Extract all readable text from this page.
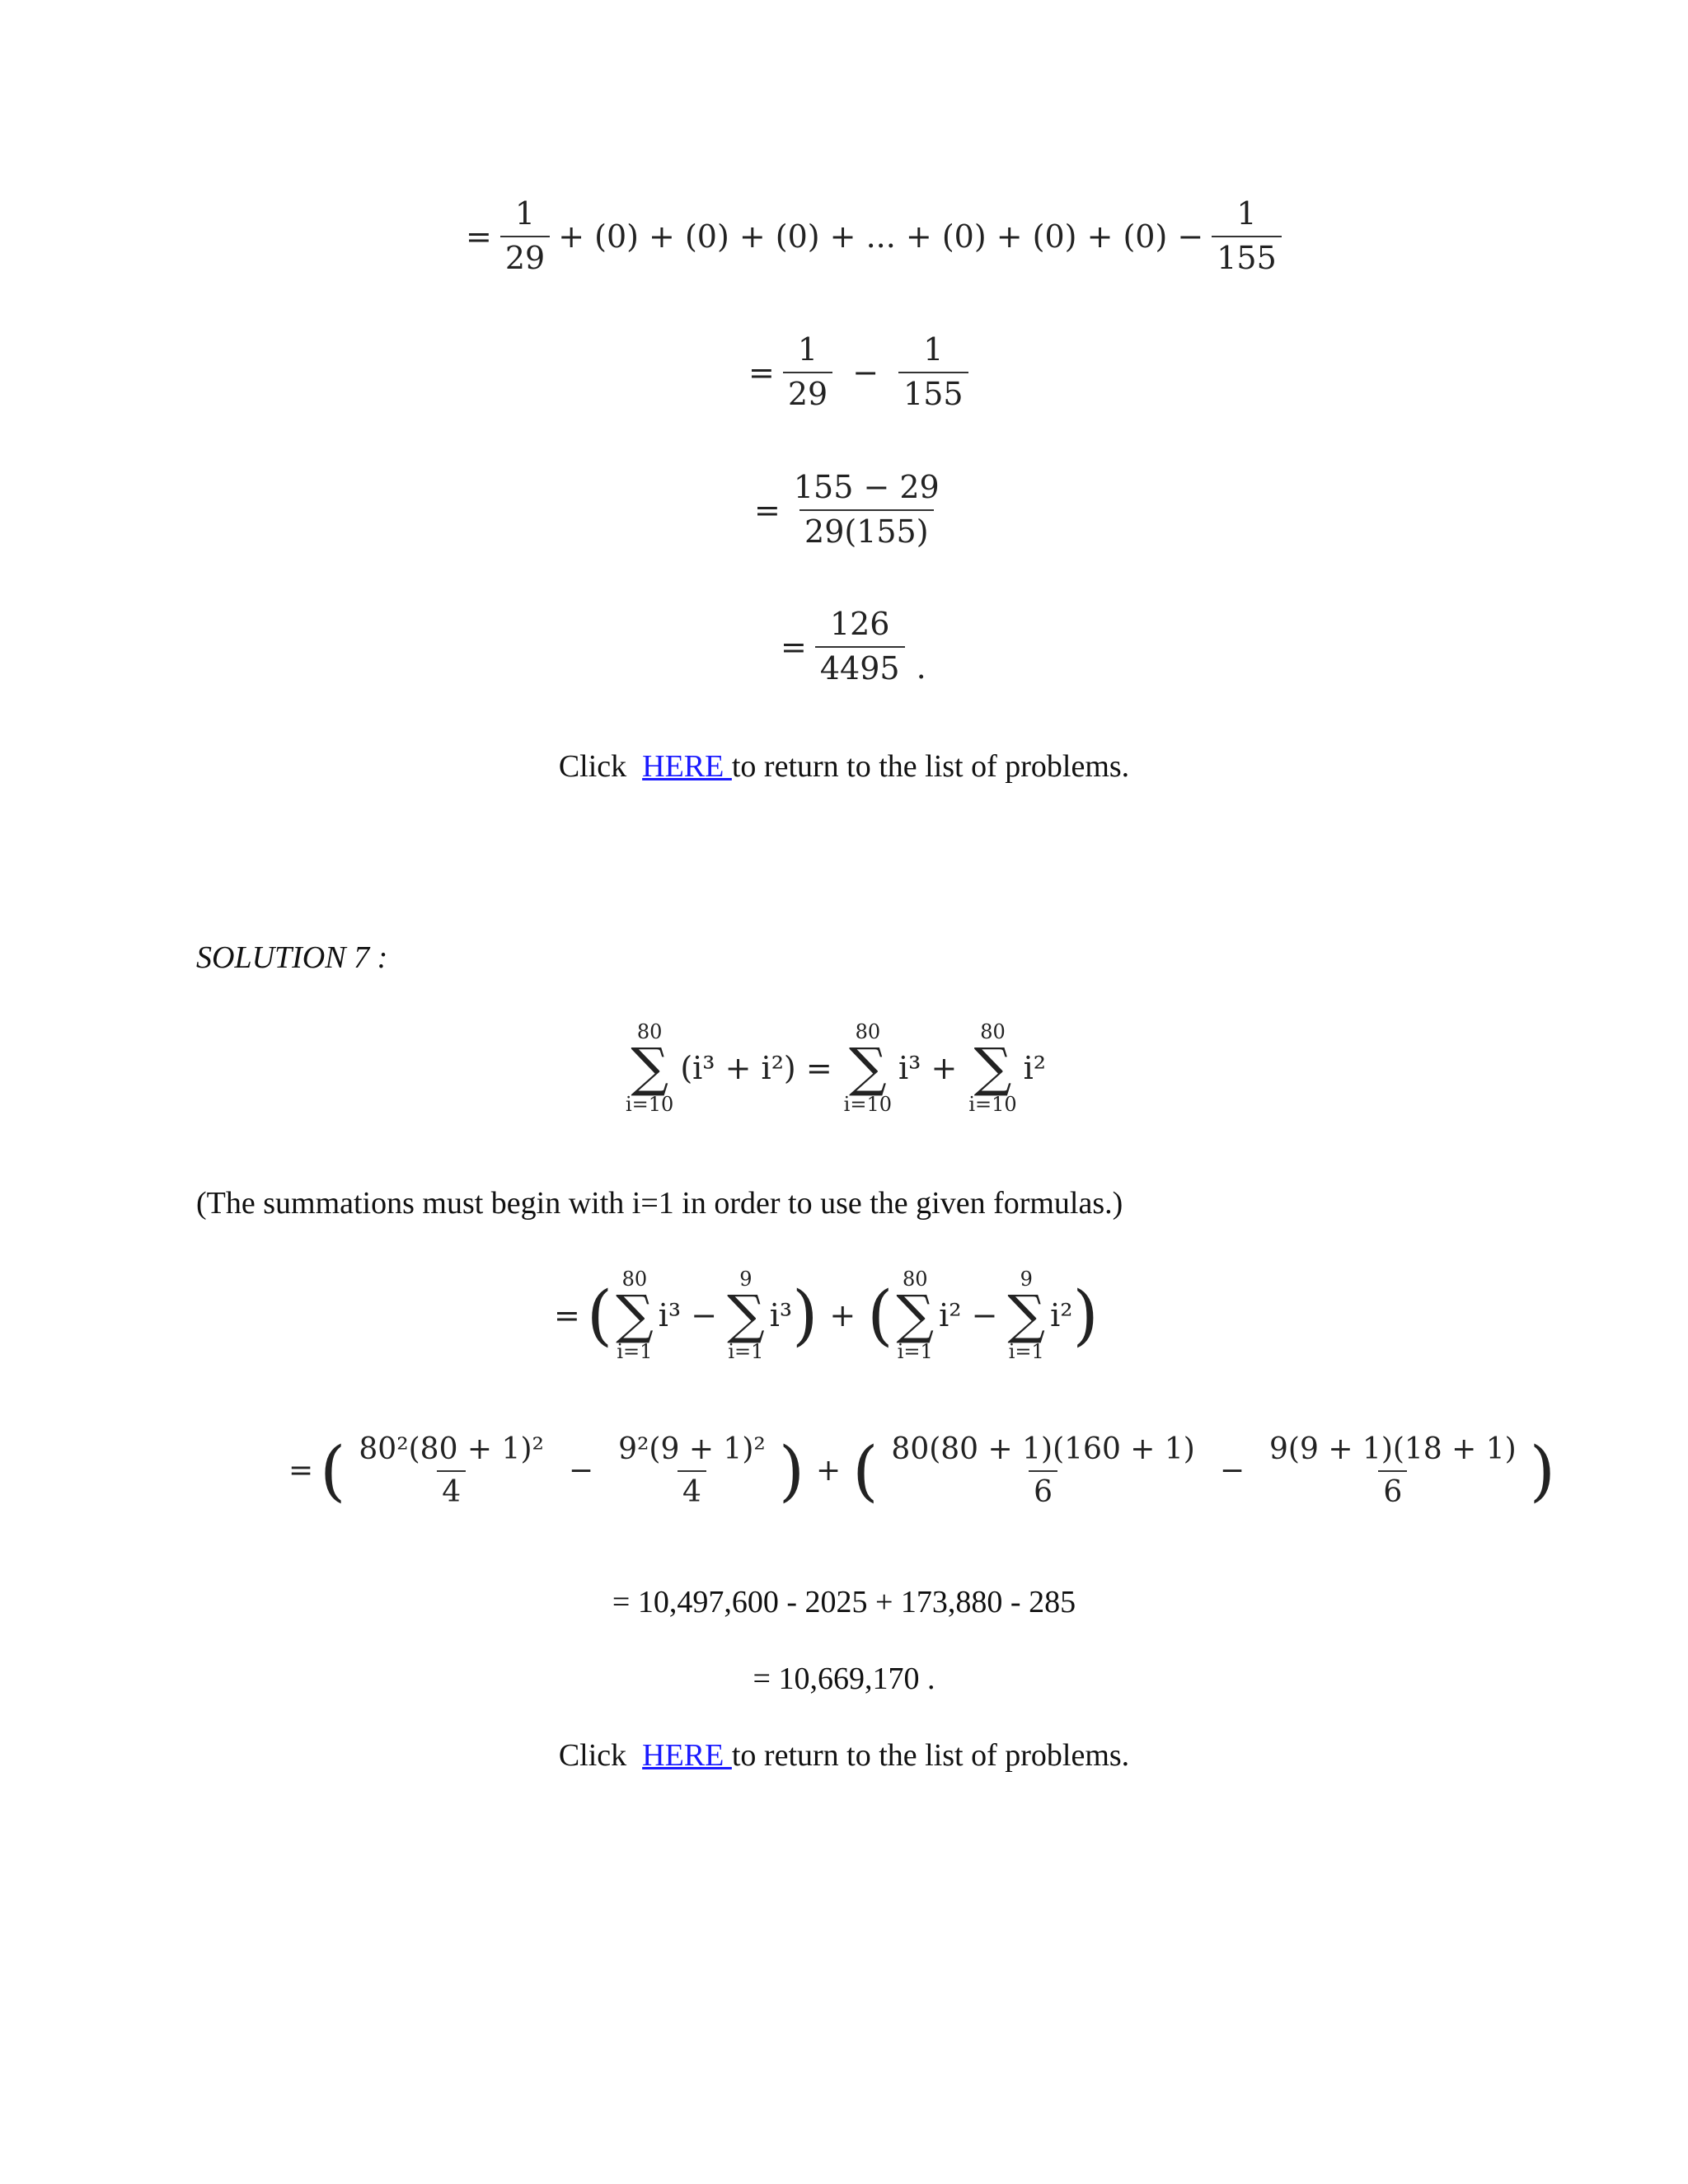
= $\frac{1}{29} + (0) + (0) + (0)$ + ... + $(0) + (0) + (0) - \frac{1}{155}$
= $\frac{1}{29} - \frac{1}{155}$
= $\frac{155 - 29}{29(155)}$
= $\frac{126}{4495}$ .
Click HERE to return to the list of problems.
SOLUTION 7 :
80
∑
i=10
(i³ + i²) =
80
∑
i=10
i³ +
80
∑
i=10
i²
(The summations must begin with i=1 in order to use the given formulas.)
= ( 80
∑
i=1
i³ −
9
∑
i=1
i³ ) + ( 80
∑
i=1
i² −
9
∑
i=1
i² )
= ( $\frac{\text{80²(80 + 1)²}}{4} - \frac{\text{9²(9 + 1)²}}{4}$ ) + ( $\frac{80(80 + 1)(160 + 1)}{6} - \frac{9(9 + 1)(18 + 1)}{6}$ )
= 10,497,600 - 2025 + 173,880 - 285
= 10,669,170 .
Click HERE to return to the list of problems.
